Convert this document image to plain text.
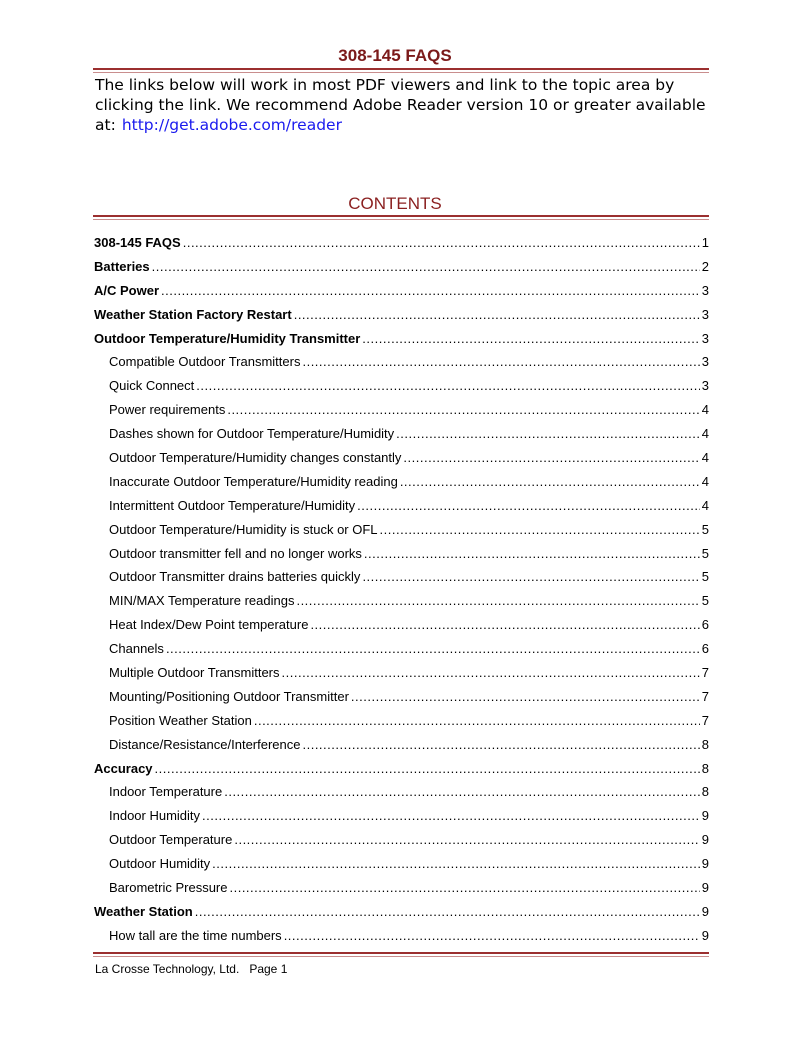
308-145 FAQS
The links below will work in most PDF viewers and link to the topic area by clicking the link. We recommend Adobe Reader version 10 or greater available at: http://get.adobe.com/reader
CONTENTS
308-145 FAQS .....	1
Batteries .....	2
A/C Power .....	3
Weather Station Factory Restart .....	3
Outdoor Temperature/Humidity Transmitter .....	3
Compatible Outdoor Transmitters .....	3
Quick Connect .....	3
Power requirements .....	4
Dashes shown for Outdoor Temperature/Humidity .....	4
Outdoor Temperature/Humidity changes constantly .....	4
Inaccurate Outdoor Temperature/Humidity reading .....	4
Intermittent Outdoor Temperature/Humidity .....	4
Outdoor Temperature/Humidity is stuck or OFL .....	5
Outdoor transmitter fell and no longer works .....	5
Outdoor Transmitter drains batteries quickly .....	5
MIN/MAX Temperature readings .....	5
Heat Index/Dew Point temperature .....	6
Channels .....	6
Multiple Outdoor Transmitters .....	7
Mounting/Positioning Outdoor Transmitter .....	7
Position Weather Station .....	7
Distance/Resistance/Interference .....	8
Accuracy .....	8
Indoor Temperature .....	8
Indoor Humidity .....	9
Outdoor Temperature .....	9
Outdoor Humidity .....	9
Barometric Pressure .....	9
Weather Station .....	9
How tall are the time numbers .....	9
La Crosse Technology, Ltd. Page 1
